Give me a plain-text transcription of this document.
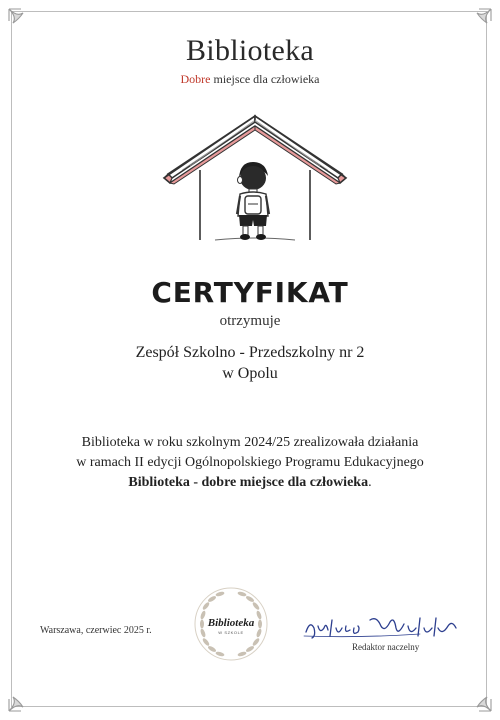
Biblioteka
Dobre miejsce dla człowieka
CERTYFIKAT
otrzymuje
Zespół Szkolno - Przedszkolny nr 2
w Opolu
Biblioteka w roku szkolnym 2024/25 zrealizowała działania
w ramach II edycji Ogólnopolskiego Programu Edukacyjnego
Biblioteka - dobre miejsce dla człowieka.
Warszawa, czerwiec 2025 r.
Biblioteka
W SZKOLE
Redaktor naczelny
